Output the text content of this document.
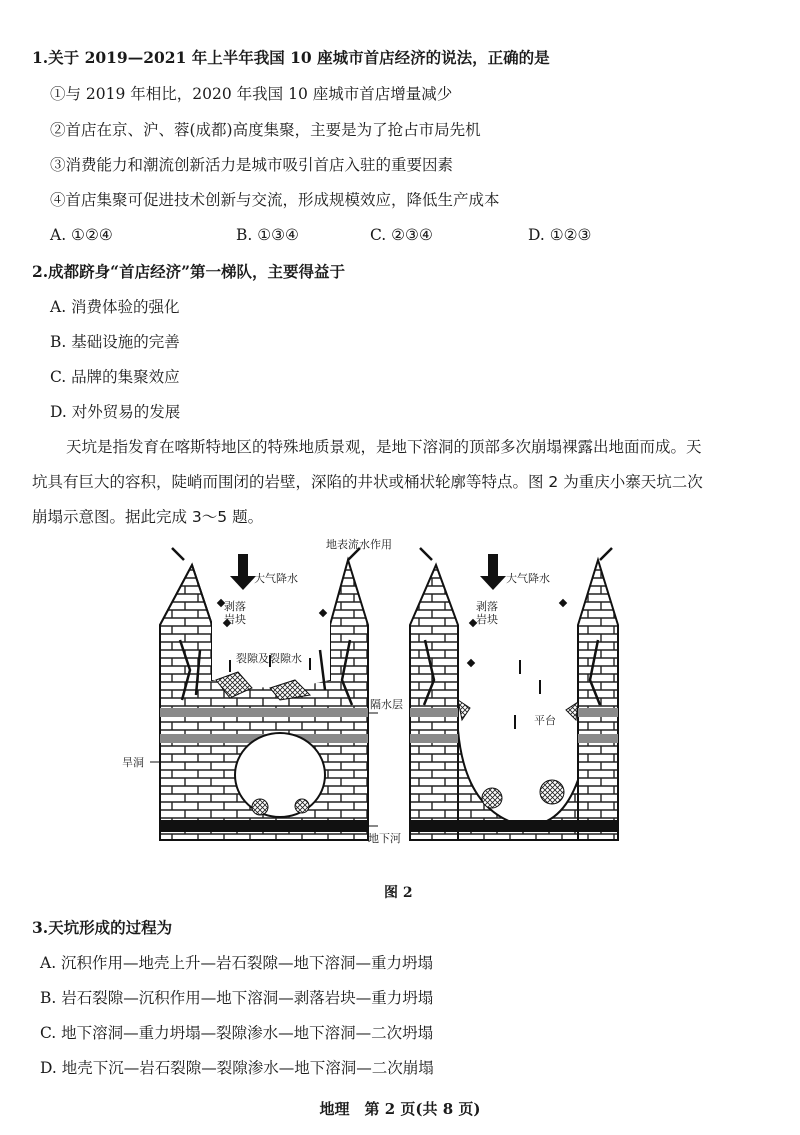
1.关于 2019—2021 年上半年我国 10 座城市首店经济的说法，正确的是
①与 2019 年相比，2020 年我国 10 座城市首店增量减少
②首店在京、沪、蓉(成都)高度集聚，主要是为了抢占市局先机
③消费能力和潮流创新活力是城市吸引首店入驻的重要因素
④首店集聚可促进技术创新与交流，形成规模效应，降低生产成本
A. ①②④	B. ①③④	C. ②③④	D. ①②③
2.成都跻身“首店经济”第一梯队，主要得益于
A. 消费体验的强化
B. 基础设施的完善
C. 品牌的集聚效应
D. 对外贸易的发展
天坑是指发育在喀斯特地区的特殊地质景观，是地下溶洞的顶部多次崩塌裸露出地面而成。天
坑具有巨大的容积，陡峭而围闭的岩壁，深陷的井状或桶状轮廓等特点。图 2 为重庆小寨天坑二次
崩塌示意图。据此完成 3～5 题。
地表流水作用
大气降水	大气降水
剥落
岩块
剥落
岩块
裂隙及裂隙水
隔水层
旱洞
平台
地下河
图 2
3.天坑形成的过程为
A. 沉积作用—地壳上升—岩石裂隙—地下溶洞—重力坍塌
B. 岩石裂隙—沉积作用—地下溶洞—剥落岩块—重力坍塌
C. 地下溶洞—重力坍塌—裂隙渗水—地下溶洞—二次坍塌
D. 地壳下沉—岩石裂隙—裂隙渗水—地下溶洞—二次崩塌
地理　第 2 页(共 8 页)
